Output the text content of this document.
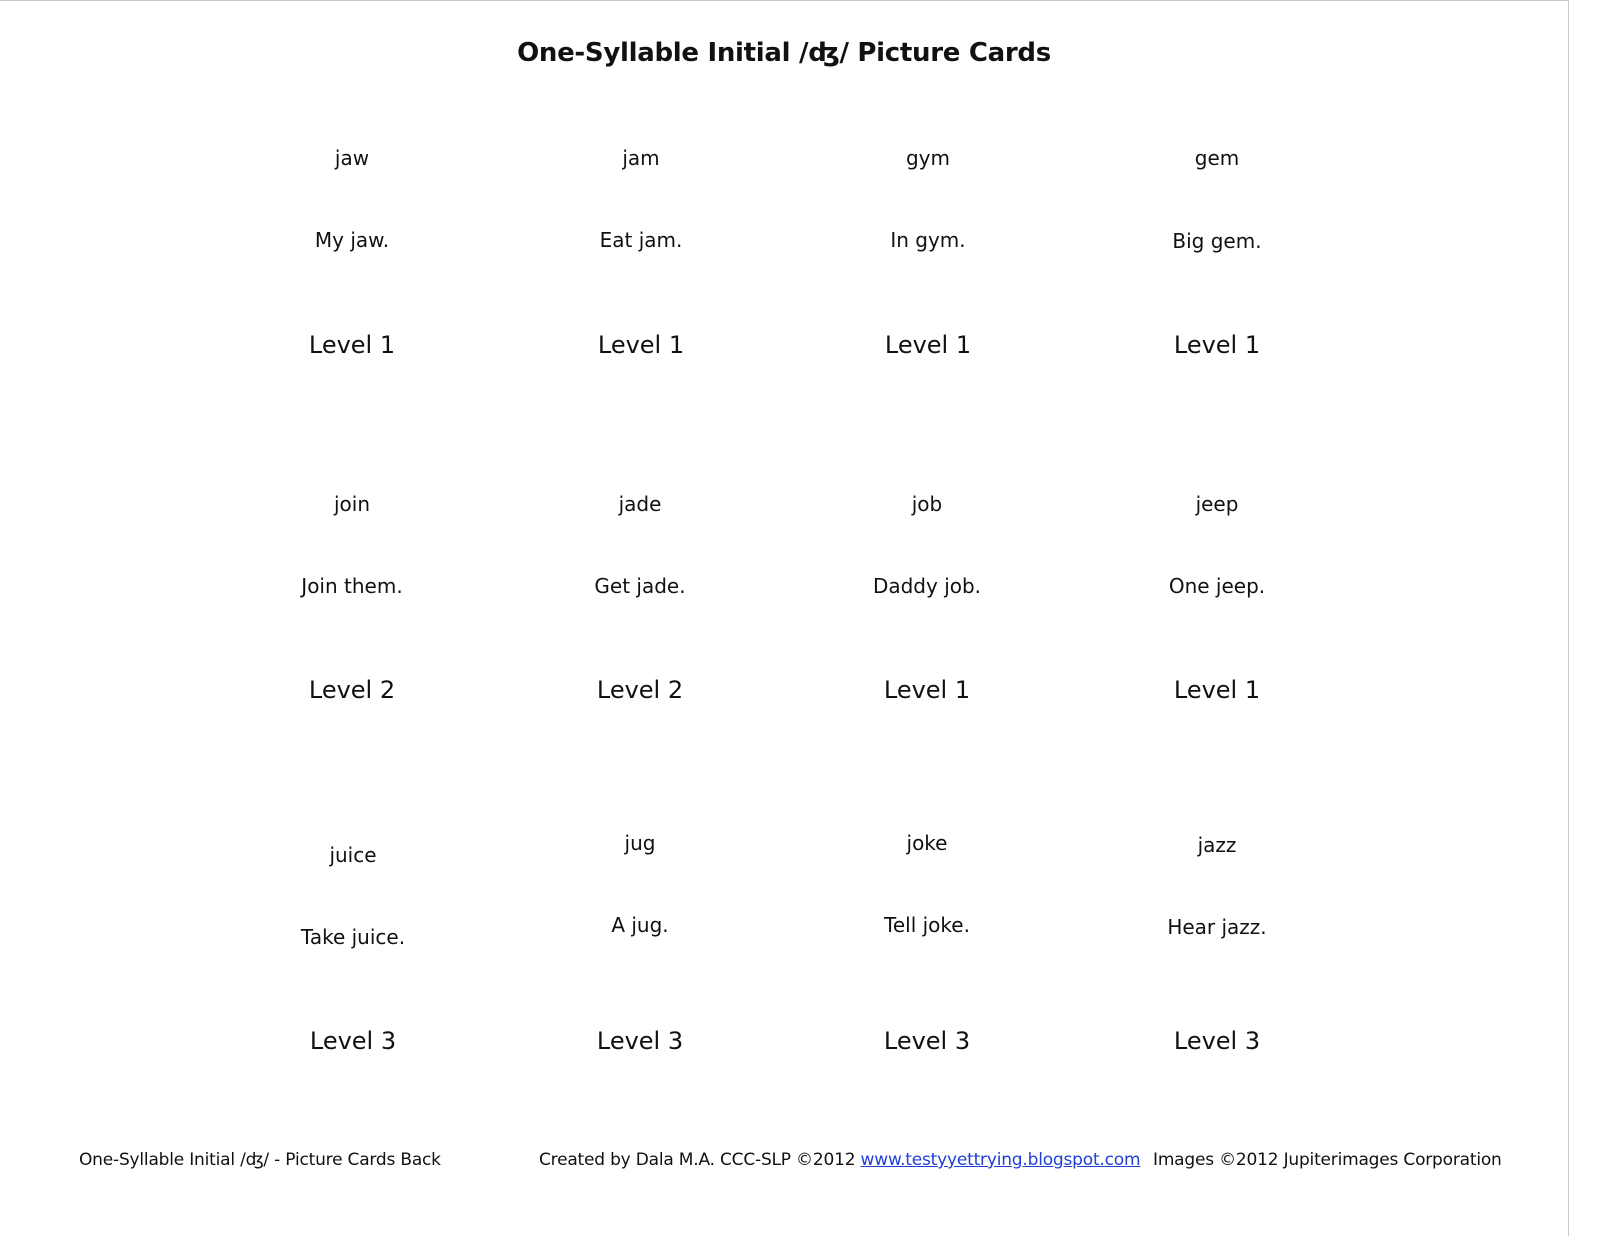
One-Syllable Initial /ʤ/ Picture Cards
jaw
My jaw.
Level 1
jam
Eat jam.
Level 1
gym
In gym.
Level 1
gem
Big gem.
Level 1
join
Join them.
Level 2
jade
Get jade.
Level 2
job
Daddy job.
Level 1
jeep
One jeep.
Level 1
juice
Take juice.
Level 3
jug
A jug.
Level 3
joke
Tell joke.
Level 3
jazz
Hear jazz.
Level 3
One-Syllable Initial /ʤ/ - Picture Cards Back	Created by Dala M.A. CCC-SLP ©2012 www.testyyettrying.blogspot.com Images ©2012 Jupiterimages Corporation
